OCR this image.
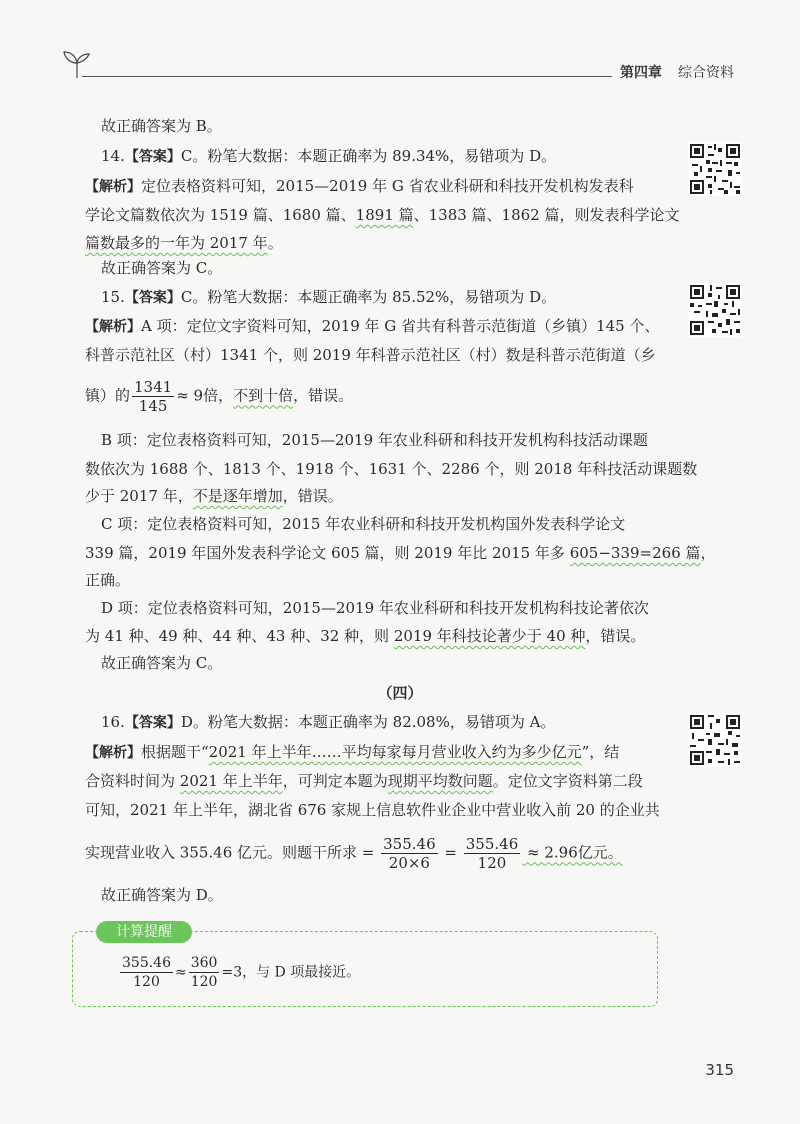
第四章 综合资料
故正确答案为 B。
14.【答案】C。粉笔大数据：本题正确率为 89.34%，易错项为 D。
【解析】定位表格资料可知，2015—2019 年 G 省农业科研和科技开发机构发表科
学论文篇数依次为 1519 篇、1680 篇、1891 篇、1383 篇、1862 篇，则发表科学论文
篇数最多的一年为 2017 年。
故正确答案为 C。
15.【答案】C。粉笔大数据：本题正确率为 85.52%，易错项为 D。
【解析】A 项：定位文字资料可知，2019 年 G 省共有科普示范街道（乡镇）145 个、
科普示范社区（村）1341 个，则 2019 年科普示范社区（村）数是科普示范街道（乡
镇）的 $\frac{1341}{145} \approx 9$倍，不到十倍，错误。
B 项：定位表格资料可知，2015—2019 年农业科研和科技开发机构科技活动课题
数依次为 1688 个、1813 个、1918 个、1631 个、2286 个，则 2018 年科技活动课题数
少于 2017 年，不是逐年增加，错误。
C 项：定位表格资料可知，2015 年农业科研和科技开发机构国外发表科学论文
339 篇，2019 年国外发表科学论文 605 篇，则 2019 年比 2015 年多 605−339=266 篇，
正确。
D 项：定位表格资料可知，2015—2019 年农业科研和科技开发机构科技论著依次
为 41 种、49 种、44 种、43 种、32 种，则 2019 年科技论著少于 40 种，错误。
故正确答案为 C。
（四）
16.【答案】D。粉笔大数据：本题正确率为 82.08%，易错项为 A。
【解析】根据题干“2021 年上半年……平均每家每月营业收入约为多少亿元”，结
合资料时间为 2021 年上半年，可判定本题为现期平均数问题。定位文字资料第二段
可知，2021 年上半年，湖北省 676 家规上信息软件业企业中营业收入前 20 的企业共
实现营业收入 355.46 亿元。则题干所求 = $\frac{355.46}{20\times 6} = \frac{355.46}{120} \approx 2.96$亿元。
故正确答案为 D。
计算提醒
$\frac{355.46}{120} \approx \frac{360}{120} =3$，与 D 项最接近。
315
